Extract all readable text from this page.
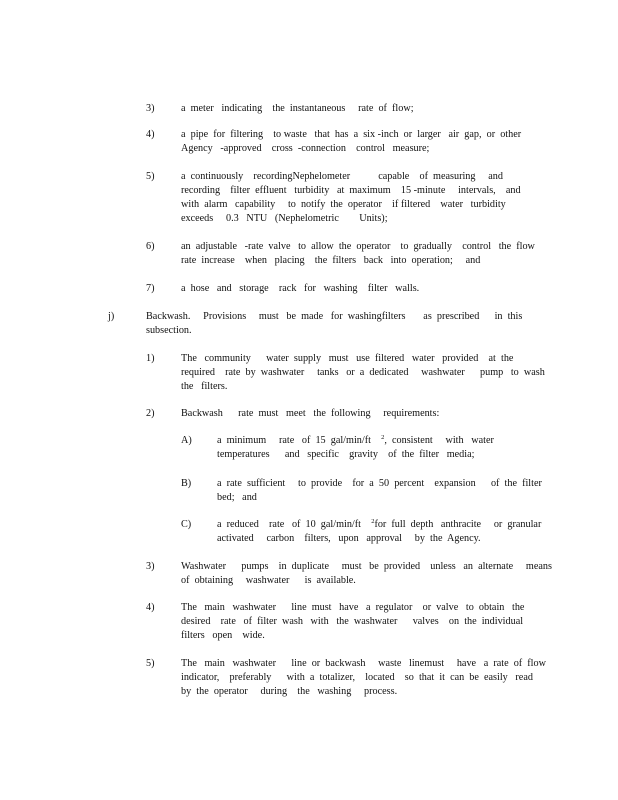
3)	a  meter   indicating    the  instantaneous     rate  of  flow;
4)	a  pipe  for  filtering    to waste   that  has  a  six -inch  or  larger   air  gap,  or  other
Agency   -approved    cross  -connection    control   measure;
5)	a  continuously    recordingNephelometer           capable    of  measuring     and
recording    filter  effluent   turbidity   at  maximum    15 -minute     intervals,    and
with  alarm   capability     to  notify  the  operator    if filtered    water   turbidity
exceeds     0.3   NTU   (Nephelometric        Units);
6)	an  adjustable   -rate  valve   to  allow  the  operator    to  gradually    control   the  flow
rate  increase    when   placing    the  filters   back   into  operation;     and
7)	a  hose   and   storage    rack   for   washing    filter   walls.
j)	Backwash.     Provisions     must   be  made   for  washingfilters       as  prescribed      in  this
subsection.
1)	The   community      water  supply   must   use  filtered   water   provided    at  the
required    rate  by  washwater     tanks   or  a  dedicated     washwater      pump   to  wash
the   filters.
2)	Backwash      rate  must   meet   the  following     requirements:
A) a  minimum     rate   of  15  gal/min/ft    $^2$,  consistent     with   water
temperatures      and   specific    gravity    of  the  filter   media;
B)	a  rate  sufficient     to  provide    for  a  50  percent    expansion      of  the  filter
bed;   and
C)	a  reduced    rate   of  10  gal/min/ft    $^2$for  full  depth   anthracite     or  granular
activated     carbon    filters,   upon   approval     by  the  Agency.
3)	Washwater      pumps    in  duplicate     must   be  provided    unless   an  alternate     means
of  obtaining     washwater      is  available.
4)	The   main   washwater      line  must   have   a  regulator    or  valve   to  obtain   the
desired    rate   of  filter  wash   with   the  washwater      valves    on  the  individual
filters   open    wide.
5)	The   main   washwater      line  or  backwash     waste   linemust     have   a  rate  of  flow
indicator,    preferably      with  a  totalizer,    located    so  that  it  can  be  easily   read
by  the  operator     during    the   washing     process.
